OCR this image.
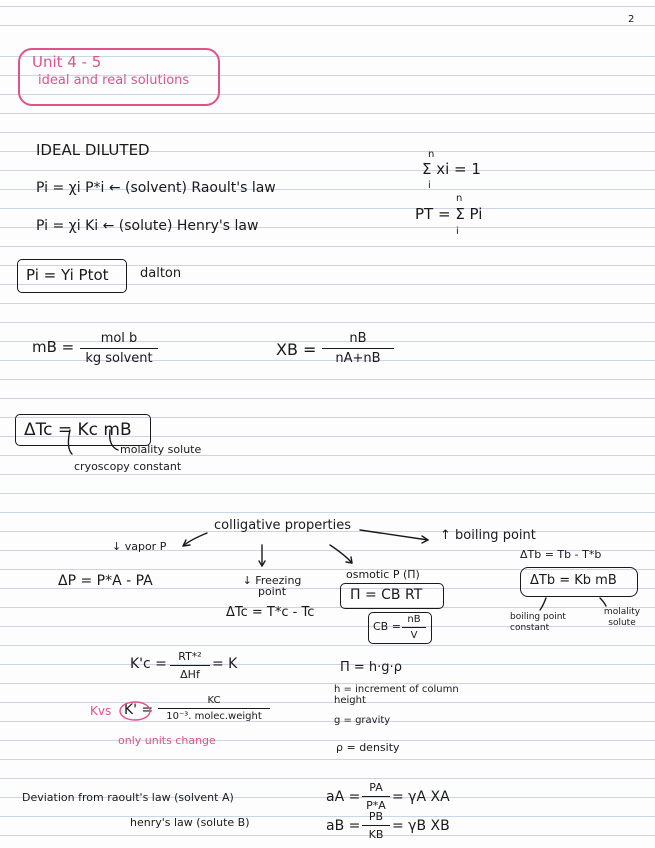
2
Unit 4 - 5
ideal and real solutions
IDEAL DILUTED
Pi = χi P*i ← (solvent) Raoult's law
Pi = χi Ki ← (solute) Henry's law
n
Σ xi = 1
i
n
PT = Σ Pi
i
Pi = Yi Ptot dalton
mB = mol b
kg solvent	XB =
nB
nA+nB
ΔTc = Kc mB
molality solute
cryoscopy constant
colligative properties
↑ boiling point
ΔTb = Tb - T*b
↓ vapor P
ΔP = P*A - PA	↓ Freezing point
ΔTc = T*c - Tc
osmotic P (Π)
Π = CB RT
CB =
nB
V
ΔTb = Kb mB
boiling point constant
molality solute
K'c = RT*²
ΔHf
= K
Kvs K' =
KC
10⁻³. molec.weight
only units change
Π = h·g·ρ
h = increment of column height
g = gravity
ρ = density
Deviation from raoult's law (solvent A)
henry's law (solute B)
aA =
PA
P*A
= γA XA
aB =
PB
KB
= γB XB
